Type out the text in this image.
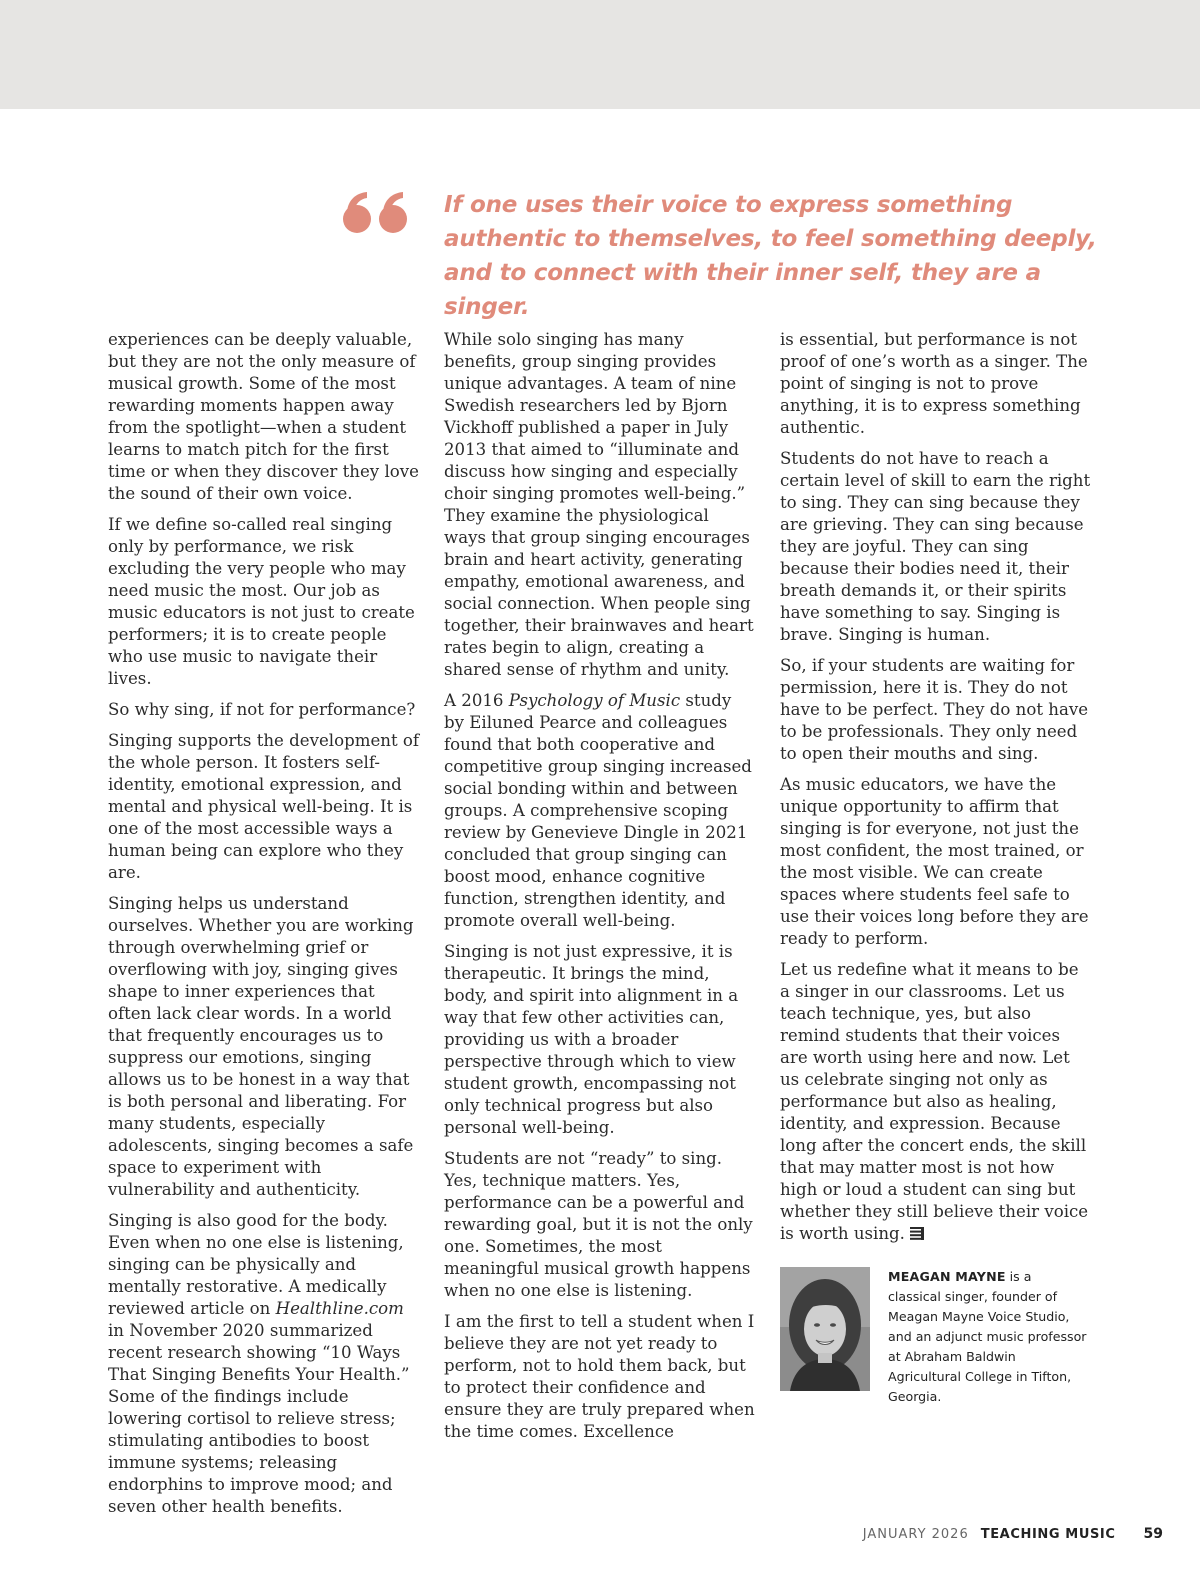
If one uses their voice to express something authentic to themselves, to feel something deeply, and to connect with their inner self, they are a singer.

experiences can be deeply valuable, but they are not the only measure of musical growth. Some of the most rewarding moments happen away from the spotlight—when a student learns to match pitch for the first time or when they discover they love the sound of their own voice.

If we define so-called real singing only by performance, we risk excluding the very people who may need music the most. Our job as music educators is not just to create performers; it is to create people who use music to navigate their lives.

So why sing, if not for performance?

Singing supports the development of the whole person. It fosters self-identity, emotional expression, and mental and physical well-being. It is one of the most accessible ways a human being can explore who they are.

Singing helps us understand ourselves. Whether you are working through overwhelming grief or overflowing with joy, singing gives shape to inner experiences that often lack clear words. In a world that frequently encourages us to suppress our emotions, singing allows us to be honest in a way that is both personal and liberating. For many students, especially adolescents, singing becomes a safe space to experiment with vulnerability and authenticity.

Singing is also good for the body. Even when no one else is listening, singing can be physically and mentally restorative. A medically reviewed article on Healthline.com in November 2020 summarized recent research showing “10 Ways That Singing Benefits Your Health.” Some of the findings include lowering cortisol to relieve stress; stimulating antibodies to boost immune systems; releasing endorphins to improve mood; and seven other health benefits.

While solo singing has many benefits, group singing provides unique advantages. A team of nine Swedish researchers led by Bjorn Vickhoff published a paper in July 2013 that aimed to “illuminate and discuss how singing and especially choir singing promotes well-being.” They examine the physiological ways that group singing encourages brain and heart activity, generating empathy, emotional awareness, and social connection. When people sing together, their brainwaves and heart rates begin to align, creating a shared sense of rhythm and unity.

A 2016 Psychology of Music study by Eiluned Pearce and colleagues found that both cooperative and competitive group singing increased social bonding within and between groups. A comprehensive scoping review by Genevieve Dingle in 2021 concluded that group singing can boost mood, enhance cognitive function, strengthen identity, and promote overall well-being.

Singing is not just expressive, it is therapeutic. It brings the mind, body, and spirit into alignment in a way that few other activities can, providing us with a broader perspective through which to view student growth, encompassing not only technical progress but also personal well-being.

Students are not “ready” to sing. Yes, technique matters. Yes, performance can be a powerful and rewarding goal, but it is not the only one. Sometimes, the most meaningful musical growth happens when no one else is listening.

I am the first to tell a student when I believe they are not yet ready to perform, not to hold them back, but to protect their confidence and ensure they are truly prepared when the time comes. Excellence

is essential, but performance is not proof of one’s worth as a singer. The point of singing is not to prove anything, it is to express something authentic.

Students do not have to reach a certain level of skill to earn the right to sing. They can sing because they are grieving. They can sing because they are joyful. They can sing because their bodies need it, their breath demands it, or their spirits have something to say. Singing is brave. Singing is human.

So, if your students are waiting for permission, here it is. They do not have to be perfect. They do not have to be professionals. They only need to open their mouths and sing.

As music educators, we have the unique opportunity to affirm that singing is for everyone, not just the most confident, the most trained, or the most visible. We can create spaces where students feel safe to use their voices long before they are ready to perform.

Let us redefine what it means to be a singer in our classrooms. Let us teach technique, yes, but also remind students that their voices are worth using here and now. Let us celebrate singing not only as performance but also as healing, identity, and expression. Because long after the concert ends, the skill that may matter most is not how high or loud a student can sing but whether they still believe their voice is worth using.

MEAGAN MAYNE is a classical singer, founder of Meagan Mayne Voice Studio, and an adjunct music professor at Abraham Baldwin Agricultural College in Tifton, Georgia.
JANUARY 2026 TEACHING MUSIC 59
